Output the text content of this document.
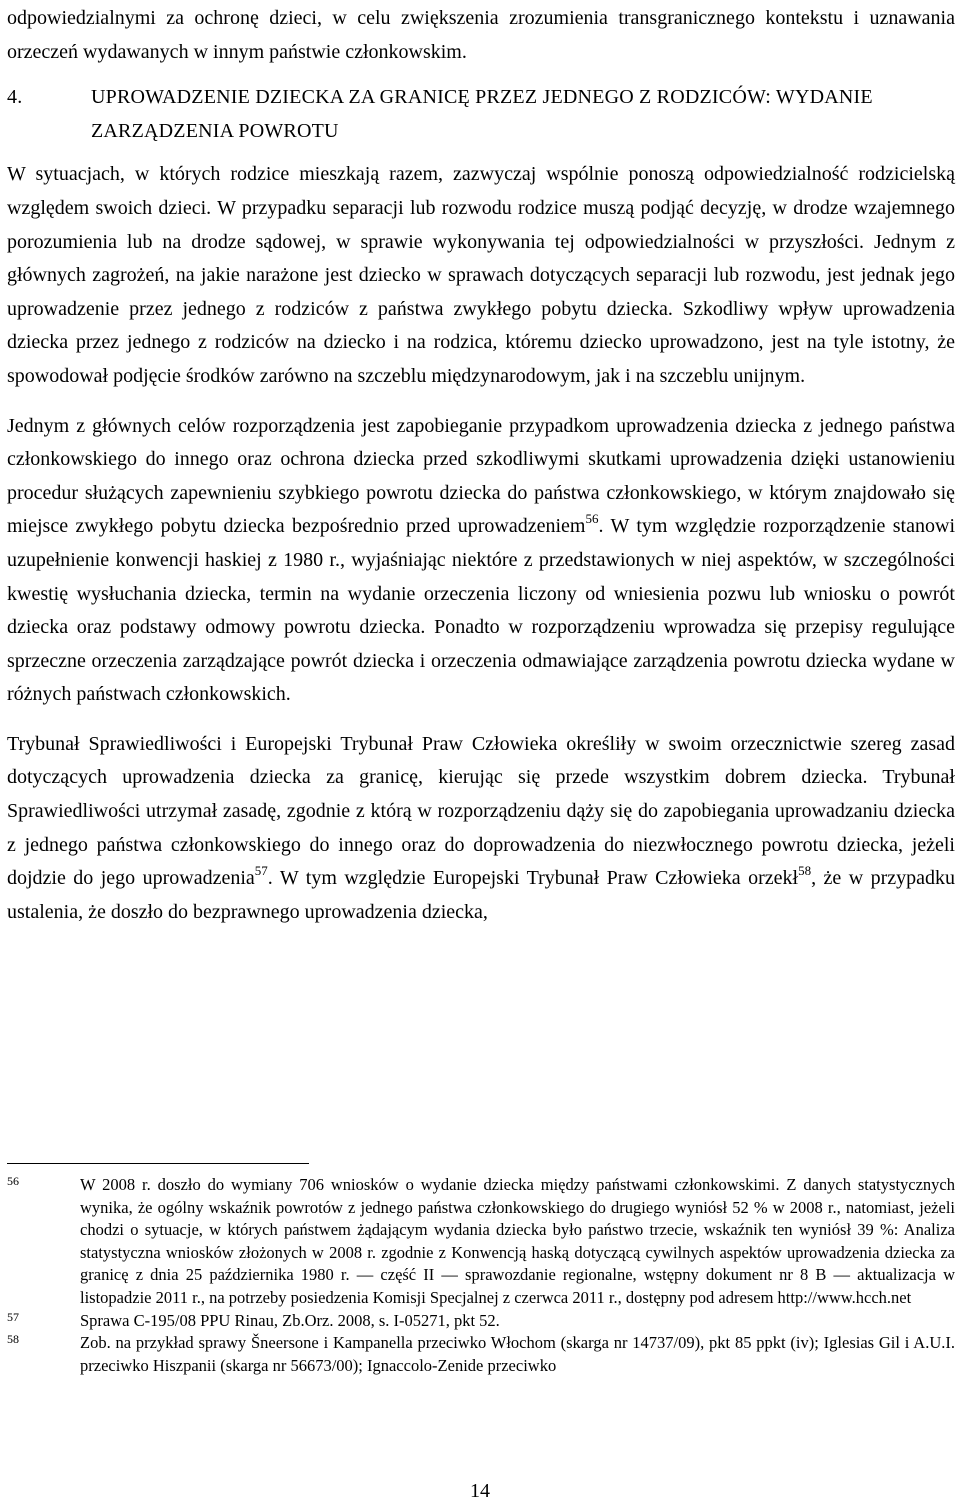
odpowiedzialnymi za ochronę dzieci, w celu zwiększenia zrozumienia transgranicznego kontekstu i uznawania orzeczeń wydawanych w innym państwie członkowskim.

4.	UPROWADZENIE DZIECKA ZA GRANICĘ PRZEZ JEDNEGO Z RODZICÓW: WYDANIE ZARZĄDZENIA POWROTU

W sytuacjach, w których rodzice mieszkają razem, zazwyczaj wspólnie ponoszą odpowiedzialność rodzicielską względem swoich dzieci. W przypadku separacji lub rozwodu rodzice muszą podjąć decyzję, w drodze wzajemnego porozumienia lub na drodze sądowej, w sprawie wykonywania tej odpowiedzialności w przyszłości. Jednym z głównych zagrożeń, na jakie narażone jest dziecko w sprawach dotyczących separacji lub rozwodu, jest jednak jego uprowadzenie przez jednego z rodziców z państwa zwykłego pobytu dziecka. Szkodliwy wpływ uprowadzenia dziecka przez jednego z rodziców na dziecko i na rodzica, któremu dziecko uprowadzono, jest na tyle istotny, że spowodował podjęcie środków zarówno na szczeblu międzynarodowym, jak i na szczeblu unijnym.

Jednym z głównych celów rozporządzenia jest zapobieganie przypadkom uprowadzenia dziecka z jednego państwa członkowskiego do innego oraz ochrona dziecka przed szkodliwymi skutkami uprowadzenia dzięki ustanowieniu procedur służących zapewnieniu szybkiego powrotu dziecka do państwa członkowskiego, w którym znajdowało się miejsce zwykłego pobytu dziecka bezpośrednio przed uprowadzeniem$^{56}$. W tym względzie rozporządzenie stanowi uzupełnienie konwencji haskiej z 1980 r., wyjaśniając niektóre z przedstawionych w niej aspektów, w szczególności kwestię wysłuchania dziecka, termin na wydanie orzeczenia liczony od wniesienia pozwu lub wniosku o powrót dziecka oraz podstawy odmowy powrotu dziecka. Ponadto w rozporządzeniu wprowadza się przepisy regulujące sprzeczne orzeczenia zarządzające powrót dziecka i orzeczenia odmawiające zarządzenia powrotu dziecka wydane w różnych państwach członkowskich.

Trybunał Sprawiedliwości i Europejski Trybunał Praw Człowieka określiły w swoim orzecznictwie szereg zasad dotyczących uprowadzenia dziecka za granicę, kierując się przede wszystkim dobrem dziecka. Trybunał Sprawiedliwości utrzymał zasadę, zgodnie z którą w rozporządzeniu dąży się do zapobiegania uprowadzaniu dziecka z jednego państwa członkowskiego do innego oraz do doprowadzenia do niezwłocznego powrotu dziecka, jeżeli dojdzie do jego uprowadzenia$^{57}$. W tym względzie Europejski Trybunał Praw Człowieka orzekł$^{58}$, że w przypadku ustalenia, że doszło do bezprawnego uprowadzenia dziecka,

56	W 2008 r. doszło do wymiany 706 wniosków o wydanie dziecka między państwami członkowskimi. Z danych statystycznych wynika, że ogólny wskaźnik powrotów z jednego państwa członkowskiego do drugiego wyniósł 52 % w 2008 r., natomiast, jeżeli chodzi o sytuacje, w których państwem żądającym wydania dziecka było państwo trzecie, wskaźnik ten wyniósł 39 %: Analiza statystyczna wniosków złożonych w 2008 r. zgodnie z Konwencją haską dotyczącą cywilnych aspektów uprowadzenia dziecka za granicę z dnia 25 października 1980 r. — część II — sprawozdanie regionalne, wstępny dokument nr 8 B — aktualizacja w listopadzie 2011 r., na potrzeby posiedzenia Komisji Specjalnej z czerwca 2011 r., dostępny pod adresem http://www.hcch.net
57	Sprawa C-195/08 PPU Rinau, Zb.Orz. 2008, s. I-05271, pkt 52.
58	Zob. na przykład sprawy Šneersone i Kampanella przeciwko Włochom (skarga nr 14737/09), pkt 85 ppkt (iv); Iglesias Gil i A.U.I. przeciwko Hiszpanii (skarga nr 56673/00); Ignaccolo-Zenide przeciwko
14
